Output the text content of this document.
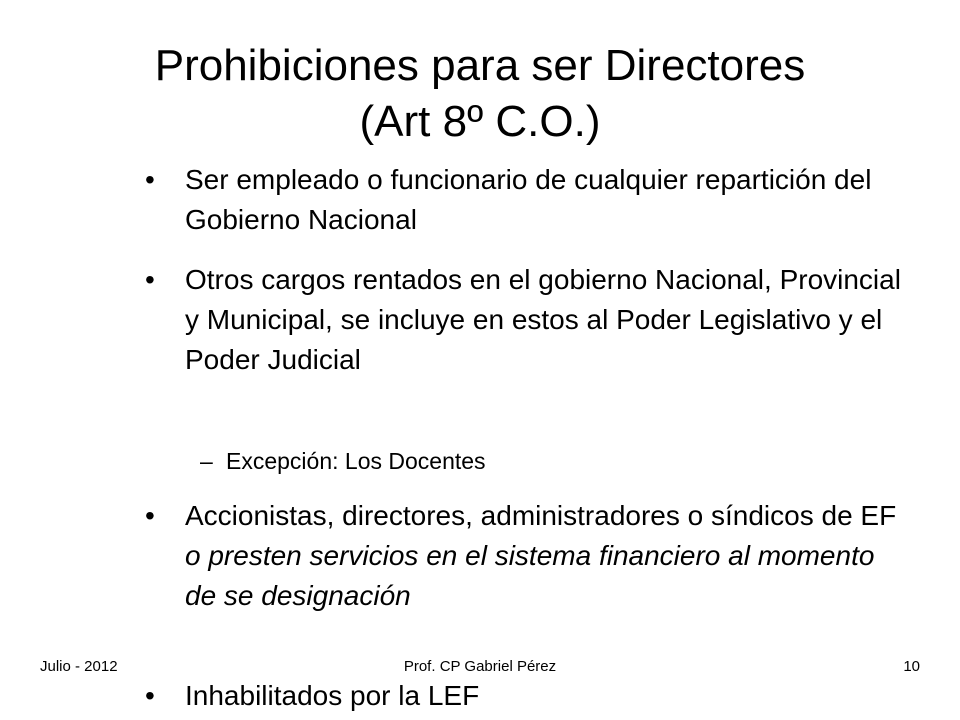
Prohibiciones para ser Directores
(Art 8º C.O.)
• Ser empleado o funcionario de cualquier repartición del Gobierno Nacional
• Otros cargos rentados en el gobierno Nacional, Provincial y Municipal, se incluye en estos al Poder Legislativo y el Poder Judicial
– Excepción: Los Docentes
• Accionistas, directores, administradores o síndicos de EF o presten servicios en el sistema financiero al momento de se designación
• Inhabilitados por la LEF
Julio - 2012	Prof. CP Gabriel Pérez	10
